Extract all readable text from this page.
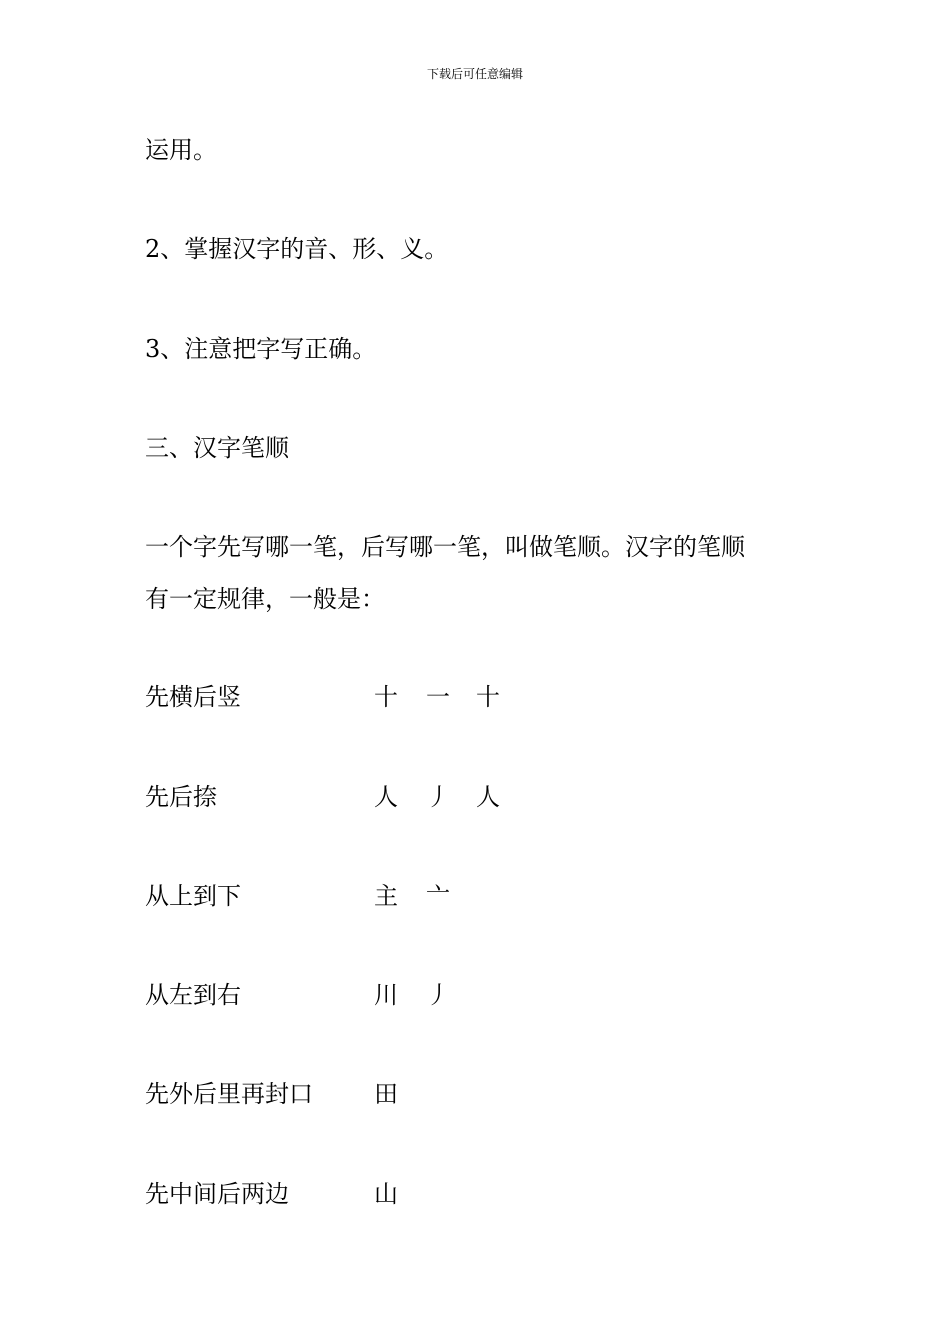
下载后可任意编辑
运用。
2、掌握汉字的音、形、义。
3、注意把字写正确。
三、汉字笔顺
一个字先写哪一笔，后写哪一笔，叫做笔顺。汉字的笔顺
有一定规律，一般是：
先横后竖	十 一 十
先后捺	人 丿 人
从上到下	主 亠
从左到右	川 丿
先外后里再封口	田
先中间后两边	山
